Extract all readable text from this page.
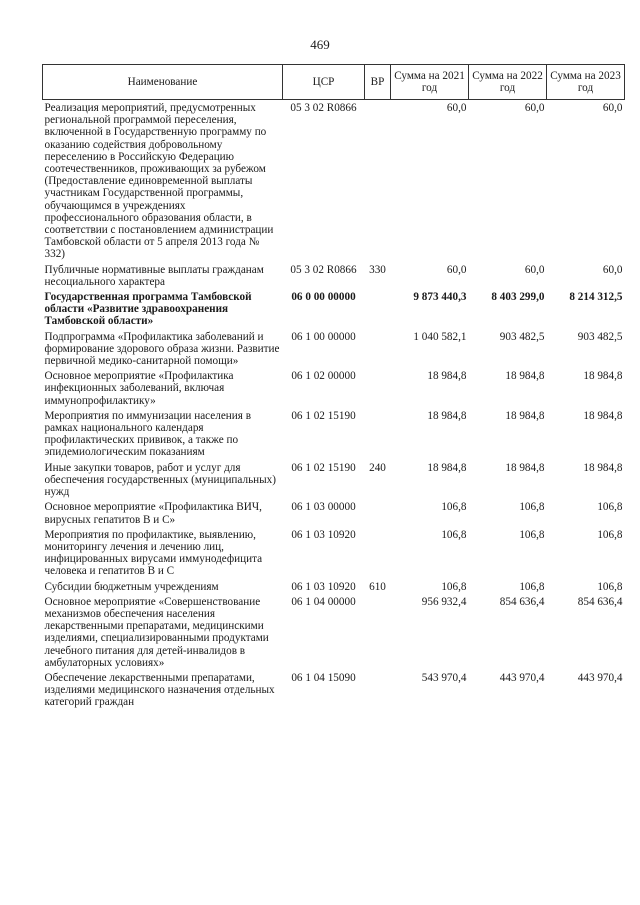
469
Наименование	ЦСР	ВР	Сумма на 2021 год	Сумма на 2022 год	Сумма на 2023 год
Реализация мероприятий, предусмотренных региональной программой переселения, включенной в Государственную программу по оказанию содействия добровольному переселению в Российскую Федерацию соотечественников, проживающих за рубежом (Предоставление единовременной выплаты участникам Государственной программы, обучающимся в учреждениях профессионального образования области, в соответствии с постановлением администрации Тамбовской области от 5 апреля 2013 года № 332)	05 3 02 R0866		60,0	60,0	60,0
Публичные нормативные выплаты гражданам несоциального характера	05 3 02 R0866	330	60,0	60,0	60,0
Государственная программа Тамбовской области «Развитие здравоохранения Тамбовской области»	06 0 00 00000		9 873 440,3	8 403 299,0	8 214 312,5
Подпрограмма «Профилактика заболеваний и формирование здорового образа жизни. Развитие первичной медико-санитарной помощи»	06 1 00 00000		1 040 582,1	903 482,5	903 482,5
Основное мероприятие «Профилактика инфекционных заболеваний, включая иммунопрофилактику»	06 1 02 00000		18 984,8	18 984,8	18 984,8
Мероприятия по иммунизации населения в рамках национального календаря профилактических прививок, а также по эпидемиологическим показаниям	06 1 02 15190		18 984,8	18 984,8	18 984,8
Иные закупки товаров, работ и услуг для обеспечения государственных (муниципальных) нужд	06 1 02 15190	240	18 984,8	18 984,8	18 984,8
Основное мероприятие «Профилактика ВИЧ, вирусных гепатитов В и С»	06 1 03 00000		106,8	106,8	106,8
Мероприятия по профилактике, выявлению, мониторингу лечения и лечению лиц, инфицированных вирусами иммунодефицита человека и гепатитов В и С	06 1 03 10920		106,8	106,8	106,8
Субсидии бюджетным учреждениям	06 1 03 10920	610	106,8	106,8	106,8
Основное мероприятие «Совершенствование механизмов обеспечения населения лекарственными препаратами, медицинскими изделиями, специализированными продуктами лечебного питания для детей-инвалидов в амбулаторных условиях»	06 1 04 00000		956 932,4	854 636,4	854 636,4
Обеспечение лекарственными препаратами, изделиями медицинского назначения отдельных категорий граждан	06 1 04 15090		543 970,4	443 970,4	443 970,4
